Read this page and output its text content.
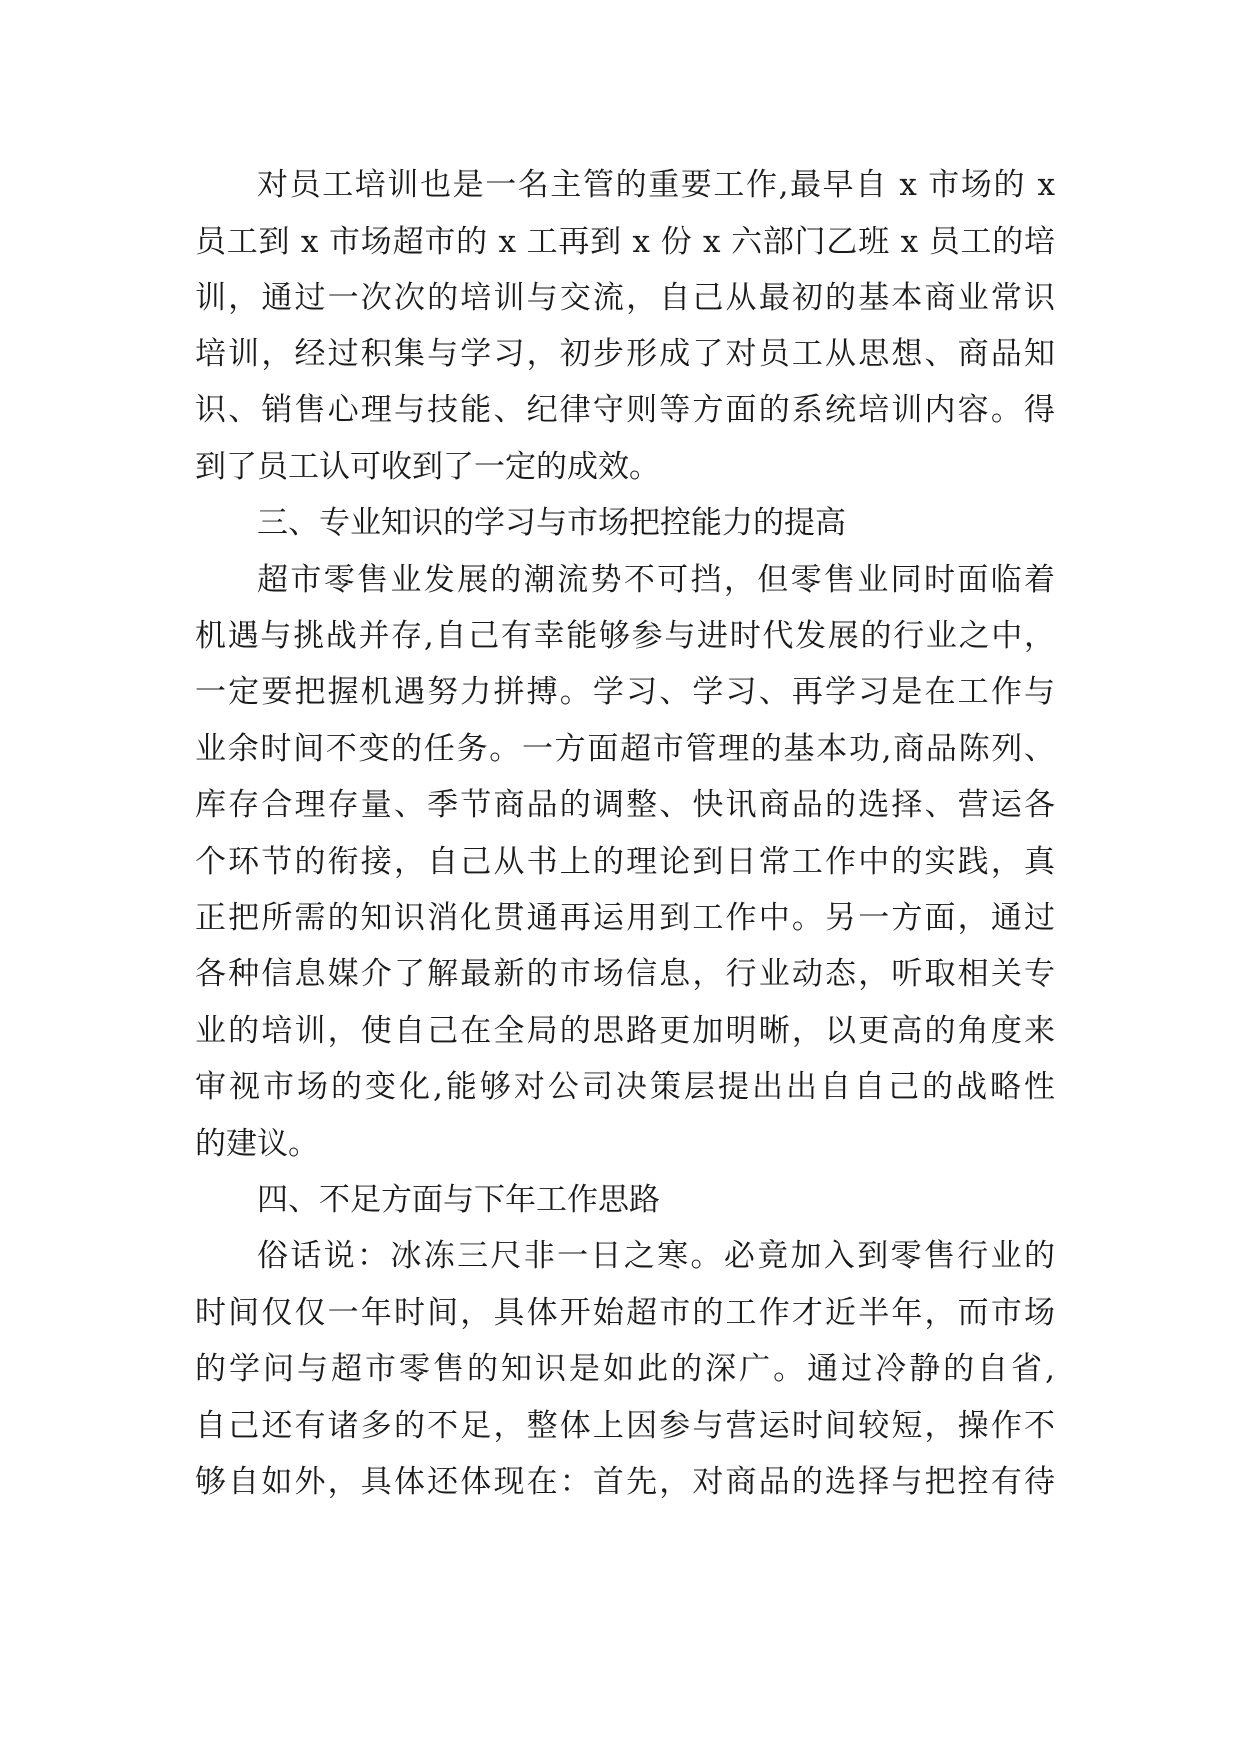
对员工培训也是一名主管的重要工作,最早自 x 市场的 x
员工到 x 市场超市的 x 工再到 x 份 x 六部门乙班 x 员工的培
训，通过一次次的培训与交流，自己从最初的基本商业常识
培训，经过积集与学习，初步形成了对员工从思想、商品知
识、销售心理与技能、纪律守则等方面的系统培训内容。得
到了员工认可收到了一定的成效。
三、专业知识的学习与市场把控能力的提高
超市零售业发展的潮流势不可挡，但零售业同时面临着
机遇与挑战并存,自己有幸能够参与进时代发展的行业之中，
一定要把握机遇努力拼搏。学习、学习、再学习是在工作与
业余时间不变的任务。一方面超市管理的基本功,商品陈列、
库存合理存量、季节商品的调整、快讯商品的选择、营运各
个环节的衔接，自己从书上的理论到日常工作中的实践，真
正把所需的知识消化贯通再运用到工作中。另一方面，通过
各种信息媒介了解最新的市场信息，行业动态，听取相关专
业的培训，使自己在全局的思路更加明晰，以更高的角度来
审视市场的变化,能够对公司决策层提出出自自己的战略性
的建议。
四、不足方面与下年工作思路
俗话说：冰冻三尺非一日之寒。必竟加入到零售行业的
时间仅仅一年时间，具体开始超市的工作才近半年，而市场
的学问与超市零售的知识是如此的深广。通过冷静的自省,
自己还有诸多的不足，整体上因参与营运时间较短，操作不
够自如外，具体还体现在：首先，对商品的选择与把控有待
